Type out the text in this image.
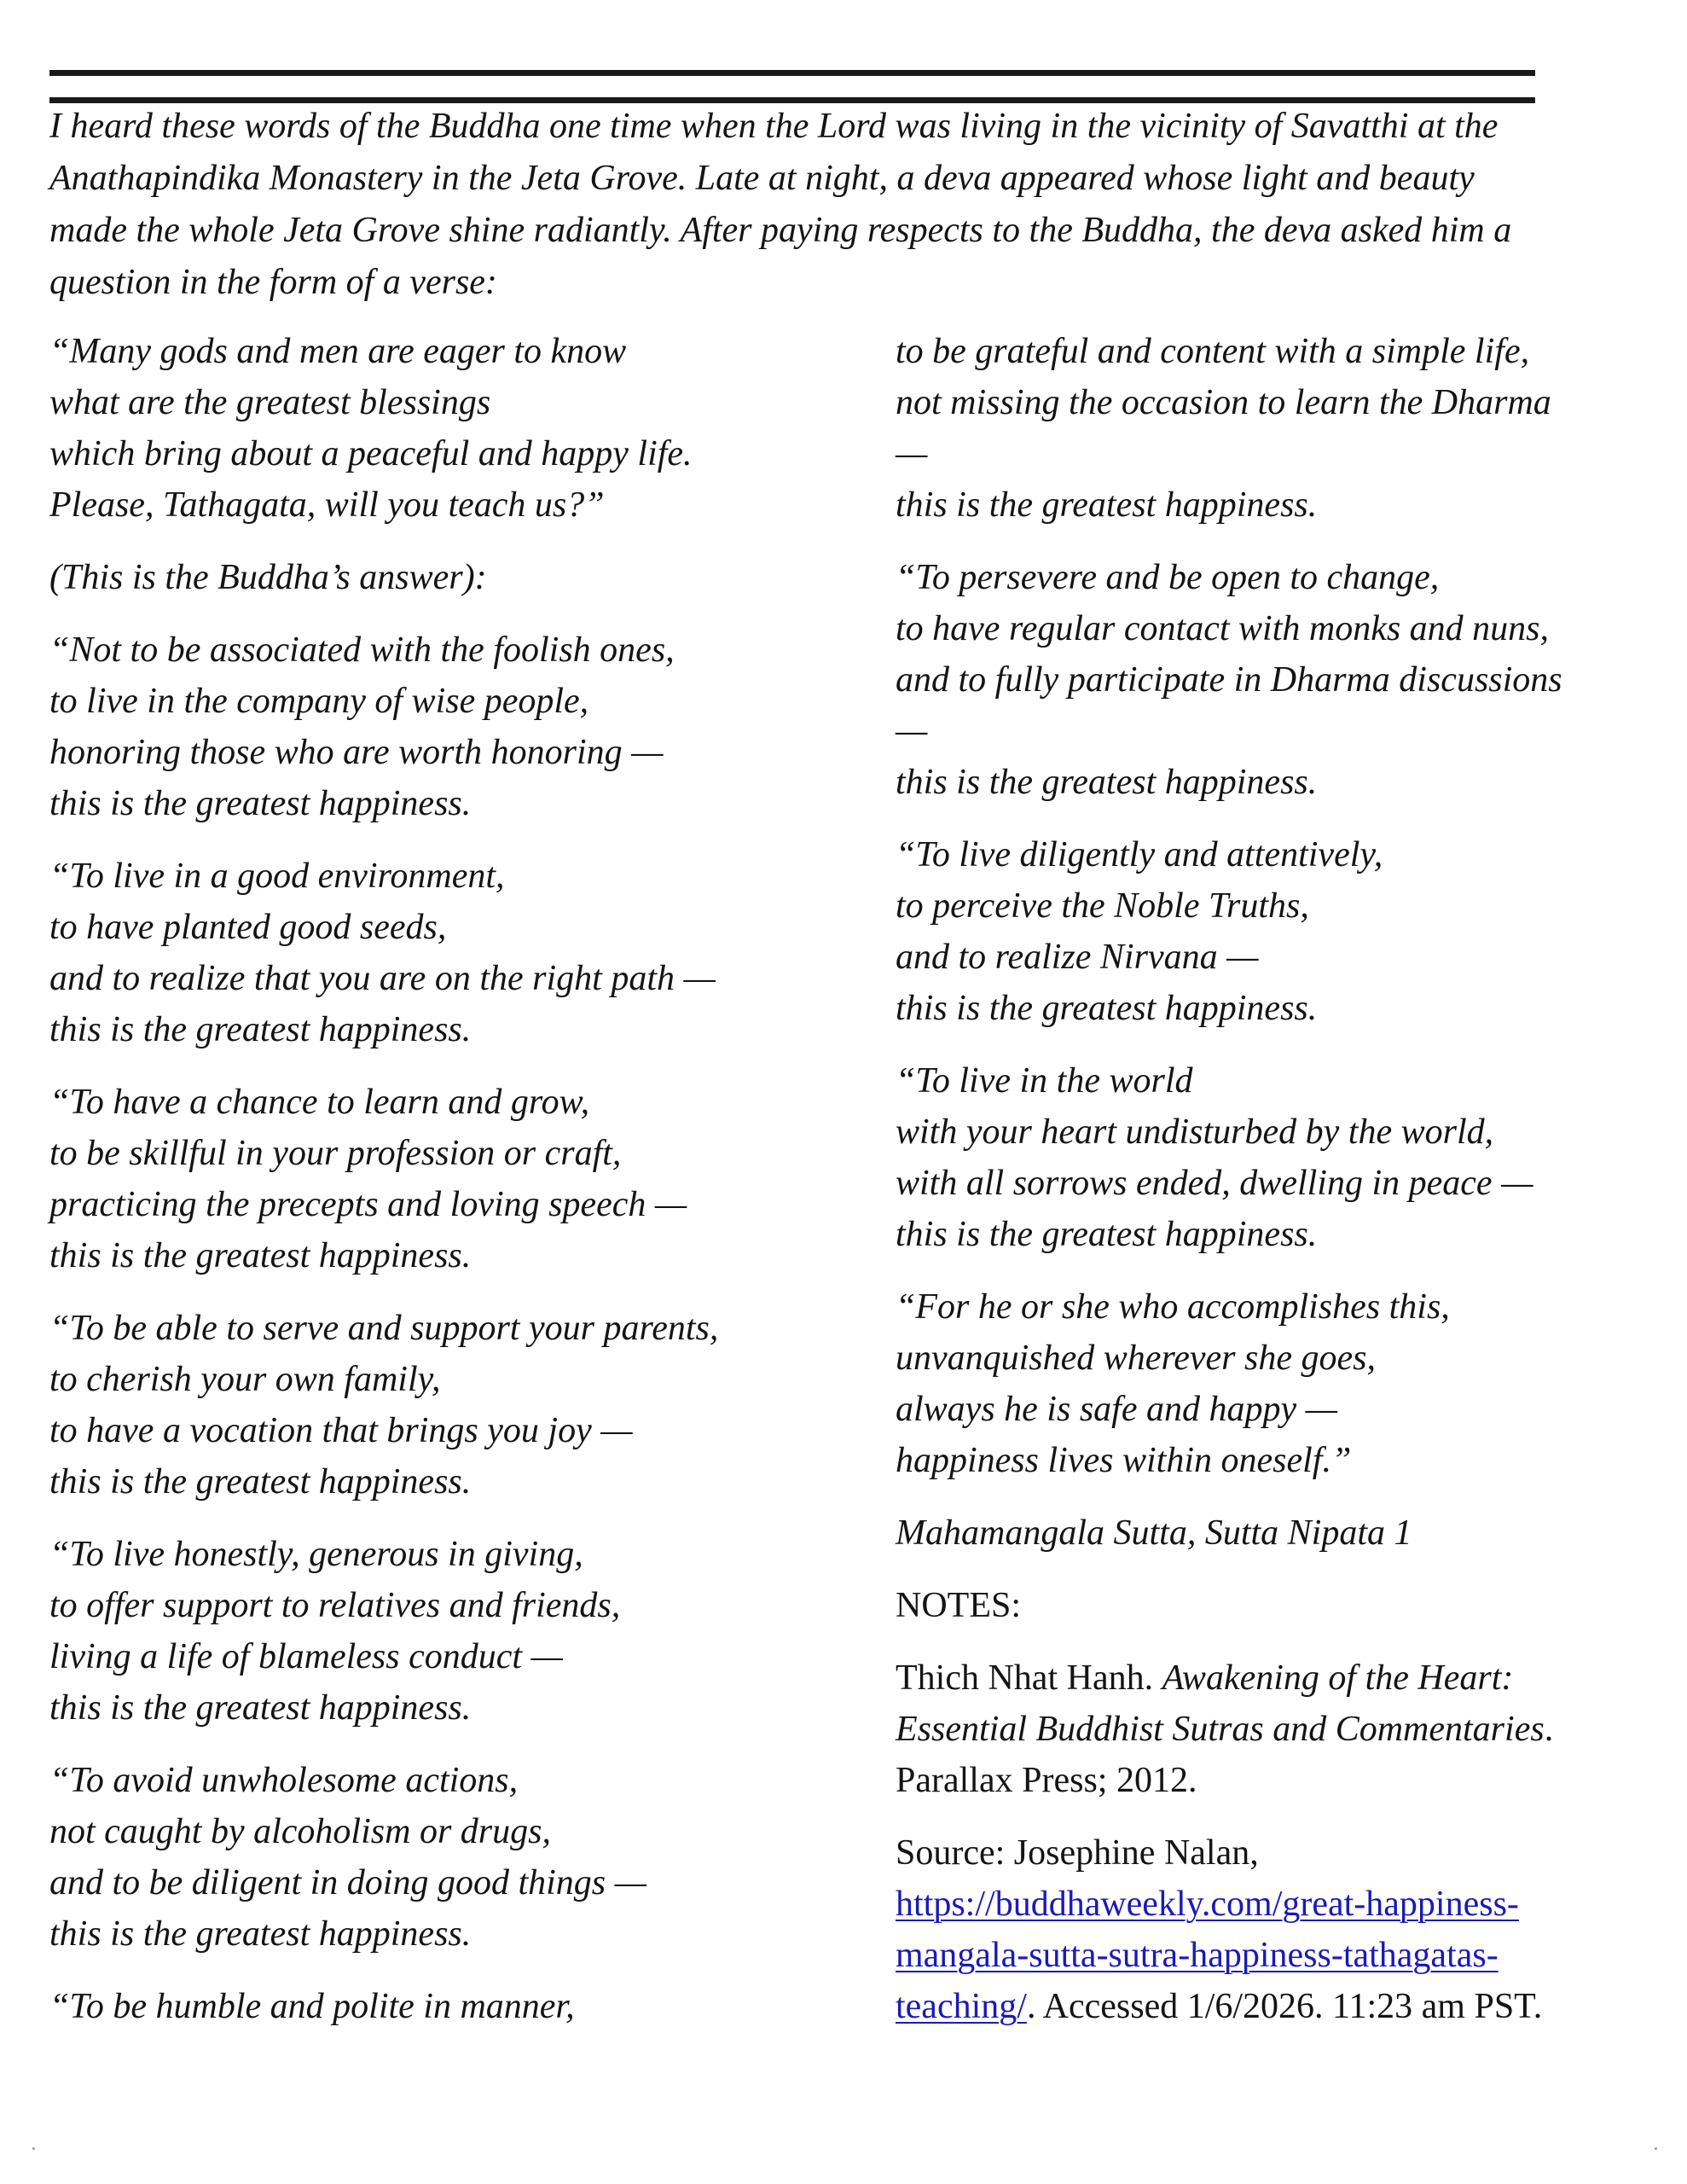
I heard these words of the Buddha one time when the Lord was living in the vicinity of Savatthi at the
Anathapindika Monastery in the Jeta Grove. Late at night, a deva appeared whose light and beauty
made the whole Jeta Grove shine radiantly. After paying respects to the Buddha, the deva asked him a
question in the form of a verse:

“Many gods and men are eager to know
what are the greatest blessings
which bring about a peaceful and happy life.
Please, Tathagata, will you teach us?”

(This is the Buddha’s answer):

“Not to be associated with the foolish ones,
to live in the company of wise people,
honoring those who are worth honoring —
this is the greatest happiness.

“To live in a good environment,
to have planted good seeds,
and to realize that you are on the right path —
this is the greatest happiness.

“To have a chance to learn and grow,
to be skillful in your profession or craft,
practicing the precepts and loving speech —
this is the greatest happiness.

“To be able to serve and support your parents,
to cherish your own family,
to have a vocation that brings you joy —
this is the greatest happiness.

“To live honestly, generous in giving,
to offer support to relatives and friends,
living a life of blameless conduct —
this is the greatest happiness.

“To avoid unwholesome actions,
not caught by alcoholism or drugs,
and to be diligent in doing good things —
this is the greatest happiness.

“To be humble and polite in manner,

to be grateful and content with a simple life,
not missing the occasion to learn the Dharma
—
this is the greatest happiness.

“To persevere and be open to change,
to have regular contact with monks and nuns,
and to fully participate in Dharma discussions
—
this is the greatest happiness.

“To live diligently and attentively,
to perceive the Noble Truths,
and to realize Nirvana —
this is the greatest happiness.

“To live in the world
with your heart undisturbed by the world,
with all sorrows ended, dwelling in peace —
this is the greatest happiness.

“For he or she who accomplishes this,
unvanquished wherever she goes,
always he is safe and happy —
happiness lives within oneself.”

Mahamangala Sutta, Sutta Nipata 1

NOTES:

Thich Nhat Hanh. Awakening of the Heart:
Essential Buddhist Sutras and Commentaries.
Parallax Press; 2012.

Source: Josephine Nalan,
https://buddhaweekly.com/great-happiness-
mangala-sutta-sutra-happiness-tathagatas-
teaching/. Accessed 1/6/2026. 11:23 am PST.
